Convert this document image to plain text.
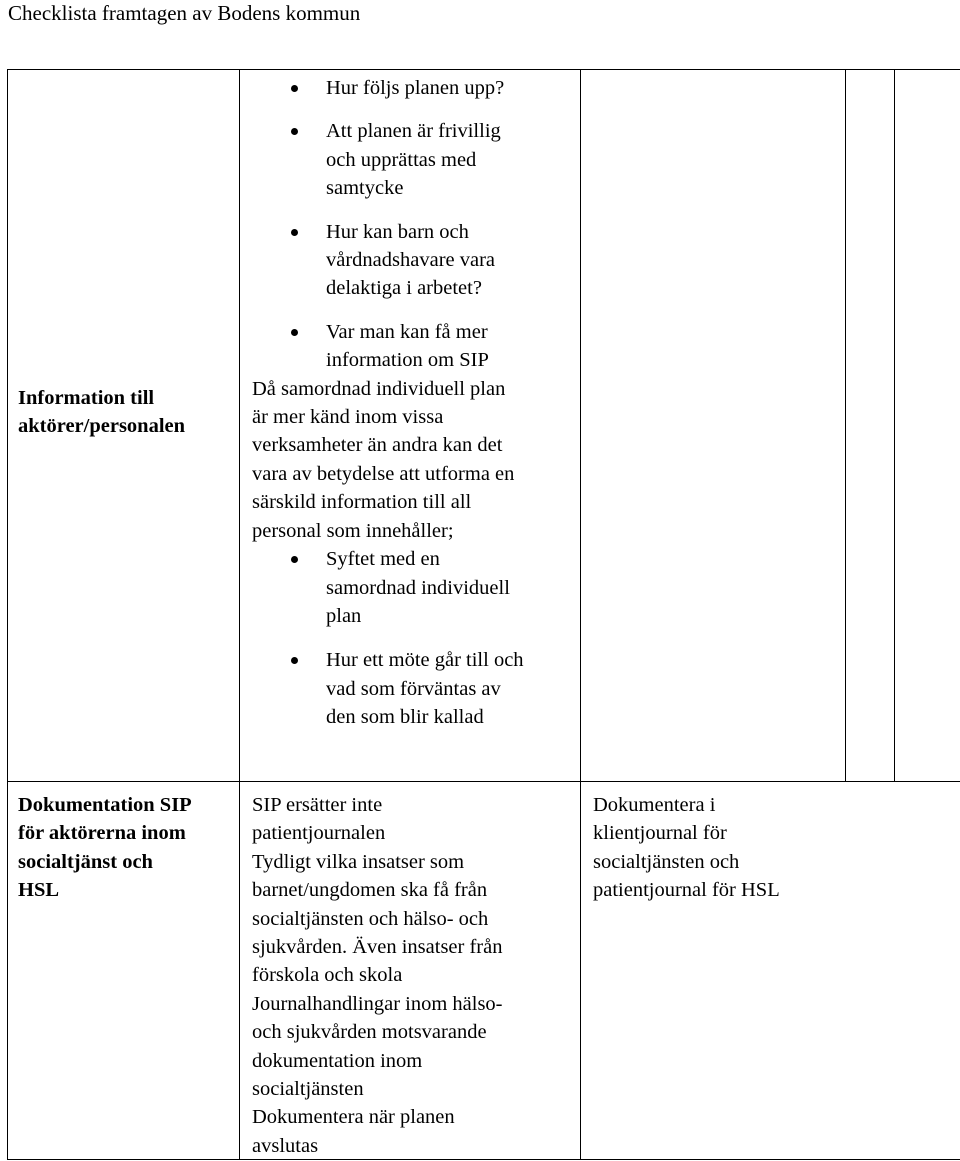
Checklista framtagen av Bodens kommun

Information till

aktörer/personalen

Hur följs planen upp?

Att planen är frivillig

och upprättas med

samtycke

Hur kan barn och

vårdnadshavare vara

delaktiga i arbetet?

Var man kan få mer

information om SIP

Då samordnad individuell plan

är mer känd inom vissa

verksamheter än andra kan det

vara av betydelse att utforma en

särskild information till all

personal som innehåller;

Syftet med en

samordnad individuell

plan

Hur ett möte går till och

vad som förväntas av

den som blir kallad

Dokumentation SIP

för aktörerna inom

socialtjänst och

HSL

SIP ersätter inte

patientjournalen

Tydligt vilka insatser som

barnet/ungdomen ska få från

socialtjänsten och hälso- och

sjukvården. Även insatser från

förskola och skola

Journalhandlingar inom hälso-

och sjukvården motsvarande

dokumentation inom

socialtjänsten

Dokumentera när planen

avslutas

Dokumentera i

klientjournal för

socialtjänsten och

patientjournal för HSL
